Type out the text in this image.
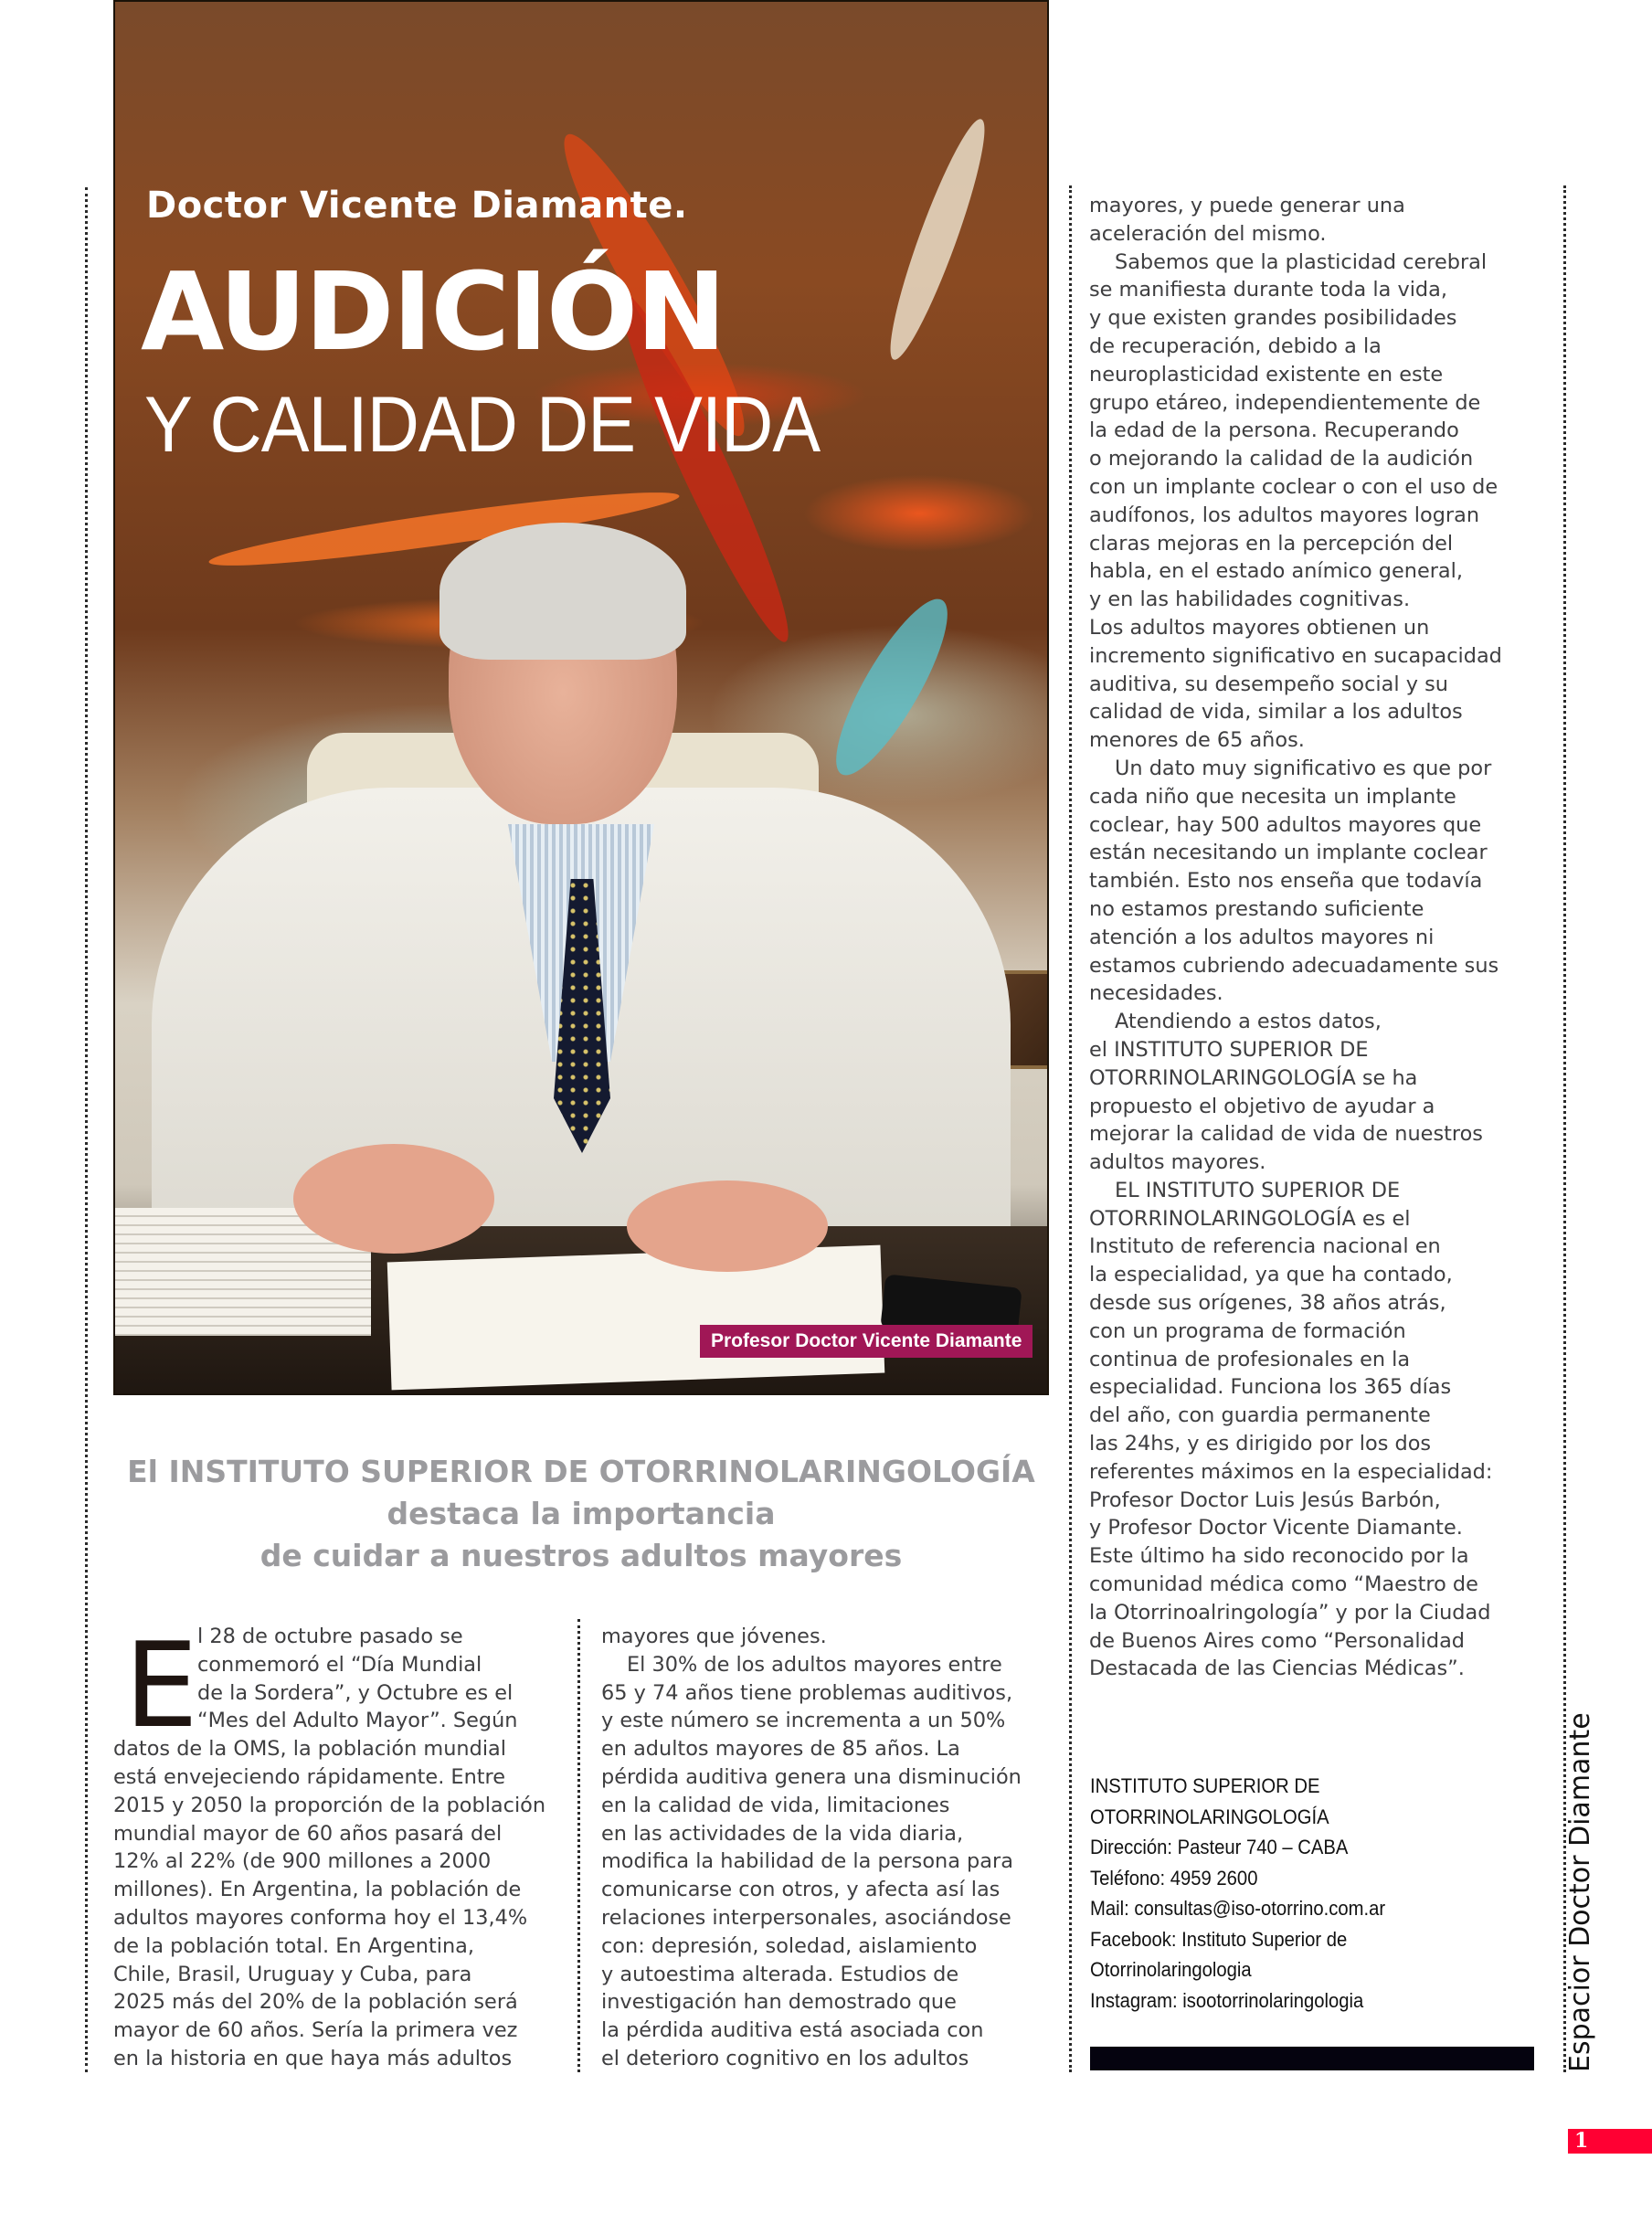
Doctor Vicente Diamante.
AUDICIÓN
Y CALIDAD DE VIDA
Profesor Doctor Vicente Diamante
El INSTITUTO SUPERIOR DE OTORRINOLARINGOLOGÍA
destaca la importancia
de cuidar a nuestros adultos mayores
E l 28 de octubre pasado se

conmemoró el “Día Mundial

de la Sordera”, y Octubre es el

“Mes del Adulto Mayor”. Según

datos de la OMS, la población mundial

está envejeciendo rápidamente. Entre

2015 y 2050 la proporción de la población

mundial mayor de 60 años pasará del

12% al 22% (de 900 millones a 2000

millones). En Argentina, la población de

adultos mayores conforma hoy el 13,4%

de la población total. En Argentina,

Chile, Brasil, Uruguay y Cuba, para

2025 más del 20% de la población será

mayor de 60 años. Sería la primera vez

en la historia en que haya más adultos

mayores que jóvenes.

El 30% de los adultos mayores entre

65 y 74 años tiene problemas auditivos,

y este número se incrementa a un 50%

en adultos mayores de 85 años. La

pérdida auditiva genera una disminución

en la calidad de vida, limitaciones

en las actividades de la vida diaria,

modifica la habilidad de la persona para

comunicarse con otros, y afecta así las

relaciones interpersonales, asociándose

con: depresión, soledad, aislamiento

y autoestima alterada. Estudios de

investigación han demostrado que

la pérdida auditiva está asociada con

el deterioro cognitivo en los adultos

mayores, y puede generar una

aceleración del mismo.

Sabemos que la plasticidad cerebral

se manifiesta durante toda la vida,

y que existen grandes posibilidades

de recuperación, debido a la

neuroplasticidad existente en este

grupo etáreo, independientemente de

la edad de la persona. Recuperando

o mejorando la calidad de la audición

con un implante coclear o con el uso de

audífonos, los adultos mayores logran

claras mejoras en la percepción del

habla, en el estado anímico general,

y en las habilidades cognitivas.

Los adultos mayores obtienen un

incremento significativo en sucapacidad

auditiva, su desempeño social y su

calidad de vida, similar a los adultos

menores de 65 años.

Un dato muy significativo es que por

cada niño que necesita un implante

coclear, hay 500 adultos mayores que

están necesitando un implante coclear

también. Esto nos enseña que todavía

no estamos prestando suficiente

atención a los adultos mayores ni

estamos cubriendo adecuadamente sus

necesidades.

Atendiendo a estos datos,

el INSTITUTO SUPERIOR DE

OTORRINOLARINGOLOGÍA se ha

propuesto el objetivo de ayudar a

mejorar la calidad de vida de nuestros

adultos mayores.

EL INSTITUTO SUPERIOR DE

OTORRINOLARINGOLOGÍA es el

Instituto de referencia nacional en

la especialidad, ya que ha contado,

desde sus orígenes, 38 años atrás,

con un programa de formación

continua de profesionales en la

especialidad. Funciona los 365 días

del año, con guardia permanente

las 24hs, y es dirigido por los dos

referentes máximos en la especialidad:

Profesor Doctor Luis Jesús Barbón,

y Profesor Doctor Vicente Diamante.

Este último ha sido reconocido por la

comunidad médica como “Maestro de

la Otorrinoalringología” y por la Ciudad

de Buenos Aires como “Personalidad

Destacada de las Ciencias Médicas”.

INSTITUTO SUPERIOR DE
OTORRINOLARINGOLOGÍA
Dirección: Pasteur 740 – CABA
Teléfono: 4959 2600
Mail: consultas@iso-otorrino.com.ar
Facebook: Instituto Superior de
Otorrinolaringologia
Instagram: isootorrinolaringologia	Espacior Doctor Diamante
1
